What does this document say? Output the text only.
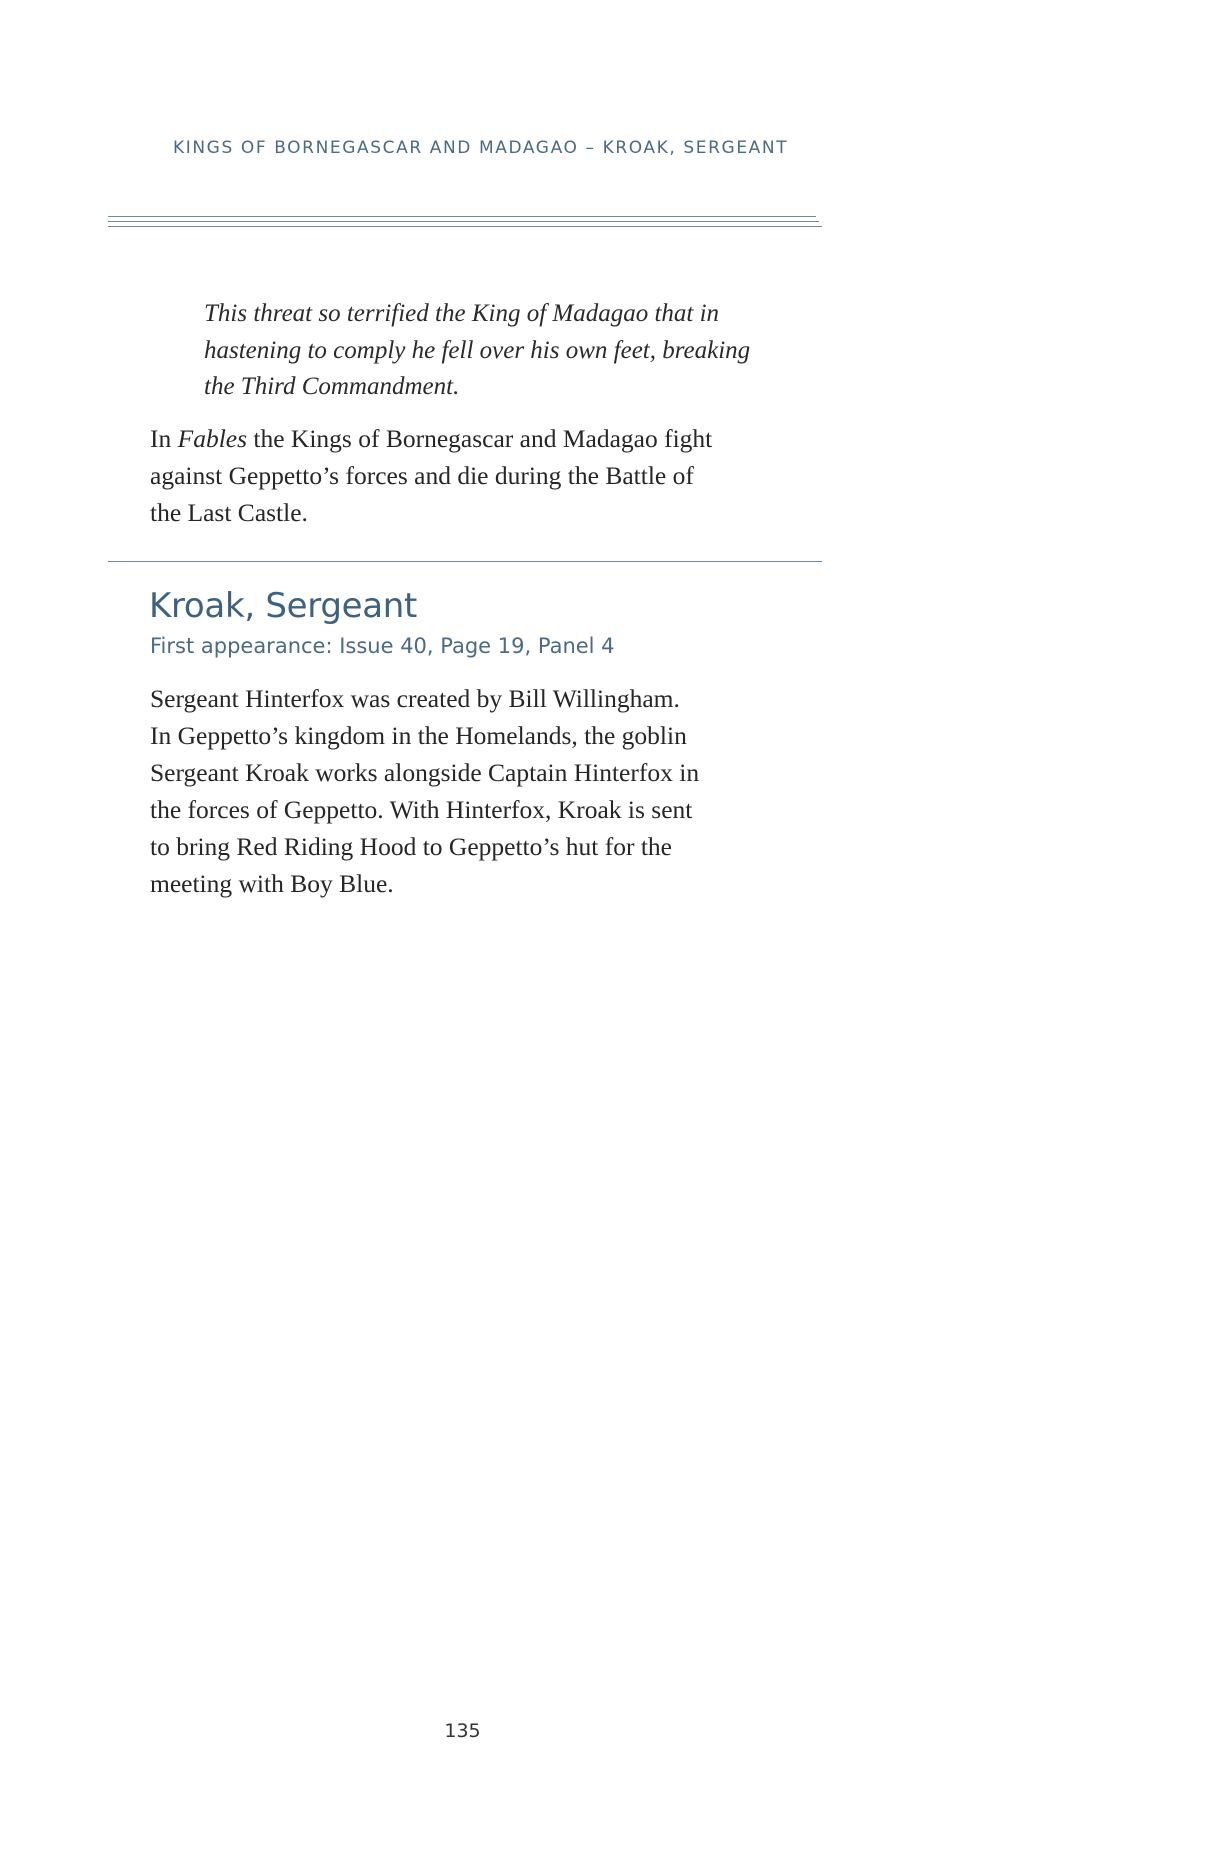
KINGS OF BORNEGASCAR AND MADAGAO – KROAK, SERGEANT

This threat so terrified the King of Madagao that in

hastening to comply he fell over his own feet, breaking

the Third Commandment.

In Fables the Kings of Bornegascar and Madagao fight

against Geppetto’s forces and die during the Battle of

the Last Castle.

Kroak, Sergeant
First appearance: Issue 40, Page 19, Panel 4

Sergeant Hinterfox was created by Bill Willingham.

In Geppetto’s kingdom in the Homelands, the goblin

Sergeant Kroak works alongside Captain Hinterfox in

the forces of Geppetto. With Hinterfox, Kroak is sent

to bring Red Riding Hood to Geppetto’s hut for the

meeting with Boy Blue.

135
